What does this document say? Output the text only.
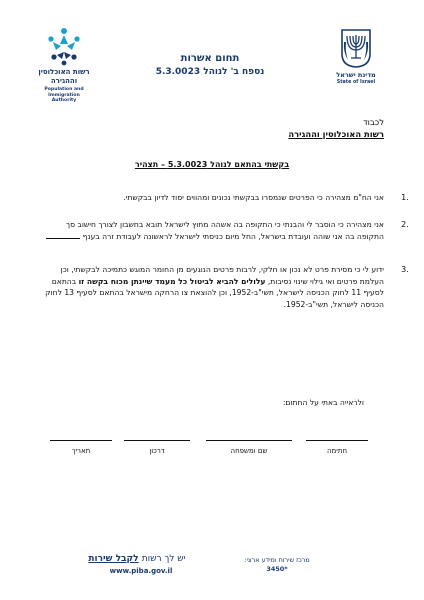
רשות האוכלוסין
וההגירה
Population and Immigration
Authority
תחום אשרות
נספח ב' לנוהל 5.3.0023	מדינת ישראל
State of Israel
לכבוד
רשות האוכלוסין וההגירה
בקשתי בהתאם לנוהל 5.3.0023 – תצהיר
1.
אני הח"מ מצהירה כי הפרטים שנמסרו בבקשתי נכונים ומהווים יסוד לדיון בבקשתי.
2.
אני מצהירה כי הוסבר לי והבנתי כי התקופה בה אשהה מחוץ לישראל תובא בחשבון לצורך חישוב סך התקופה בה אני שוהה ועובדת בישראל, החל מיום כניסתי לישראל לראשונה לעבודת זרה בענף
3.
ידוע לי כי מסירת פרט לא נכון או חלקי, לרבות פרטים הנוגעים מן החומר המוגש כתמיכה לבקשתי, וכן העלמת פרטים ואי גילוי שינוי נסיבות, עלולים להביא לביטול כל מעמד שיינתן מכוח בקשה זו בהתאם לסעיף 11 לחוק הכניסה לישראל, תשי"ב-1952, וכן להוצאת צו הרחקה מישראל בהתאם לסעיף 13 לחוק הכניסה לישראל, תשי"ב-1952.
ולראייה באתי על החתום:
חתימה
שם ומשפחה
דרכון
תאריך
יש לך רשות לקבל שירות
www.piba.gov.il
מרכז שירות ומידע ארצי:
*3450
